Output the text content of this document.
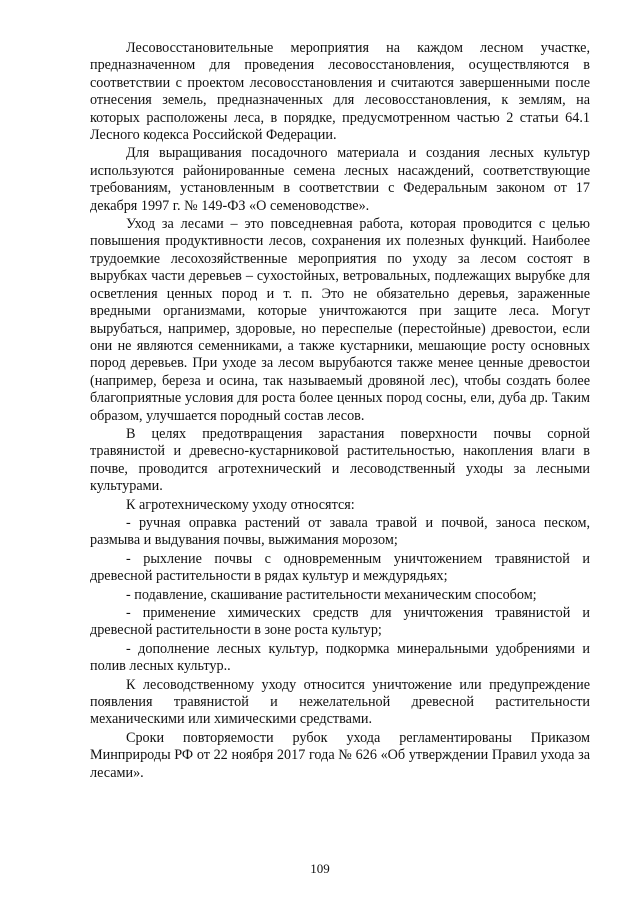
Лесовосстановительные мероприятия на каждом лесном участке, предназначенном для проведения лесовосстановления, осуществляются в соответствии с проектом лесовосстановления и считаются завершенными после отнесения земель, предназначенных для лесовосстановления, к землям, на которых расположены леса, в порядке, предусмотренном частью 2 статьи 64.1 Лесного кодекса Российской Федерации.

Для выращивания посадочного материала и создания лесных культур используются районированные семена лесных насаждений, соответствующие требованиям, установленным в соответствии с Федеральным законом от 17 декабря 1997 г. № 149-ФЗ «О семеноводстве».

Уход за лесами – это повседневная работа, которая проводится с целью повышения продуктивности лесов, сохранения их полезных функций. Наиболее трудоемкие лесохозяйственные мероприятия по уходу за лесом состоят в вырубках части деревьев – сухостойных, ветровальных, подлежащих вырубке для осветления ценных пород и т. п. Это не обязательно деревья, зараженные вредными организмами, которые уничтожаются при защите леса. Могут вырубаться, например, здоровые, но переспелые (перестойные) древостои, если они не являются семенниками, а также кустарники, мешающие росту основных пород деревьев. При уходе за лесом вырубаются также менее ценные древостои (например, береза и осина, так называемый дровяной лес), чтобы создать более благоприятные условия для роста более ценных пород сосны, ели, дуба др. Таким образом, улучшается породный состав лесов.

В целях предотвращения зарастания поверхности почвы сорной травянистой и древесно-кустарниковой растительностью, накопления влаги в почве, проводится агротехнический и лесоводственный уходы за лесными культурами.

К агротехническому уходу относятся:

- ручная оправка растений от завала травой и почвой, заноса песком, размыва и выдувания почвы, выжимания морозом;

- рыхление почвы с одновременным уничтожением травянистой и древесной растительности в рядах культур и междурядьях;

- подавление, скашивание растительности механическим способом;

- применение химических средств для уничтожения травянистой и древесной растительности в зоне роста культур;

- дополнение лесных культур, подкормка минеральными удобрениями и полив лесных культур..

К лесоводственному уходу относится уничтожение или предупреждение появления травянистой и нежелательной древесной растительности механическими или химическими средствами.

Сроки повторяемости рубок ухода регламентированы Приказом Минприроды РФ от 22 ноября 2017 года № 626 «Об утверждении Правил ухода за лесами».

109
